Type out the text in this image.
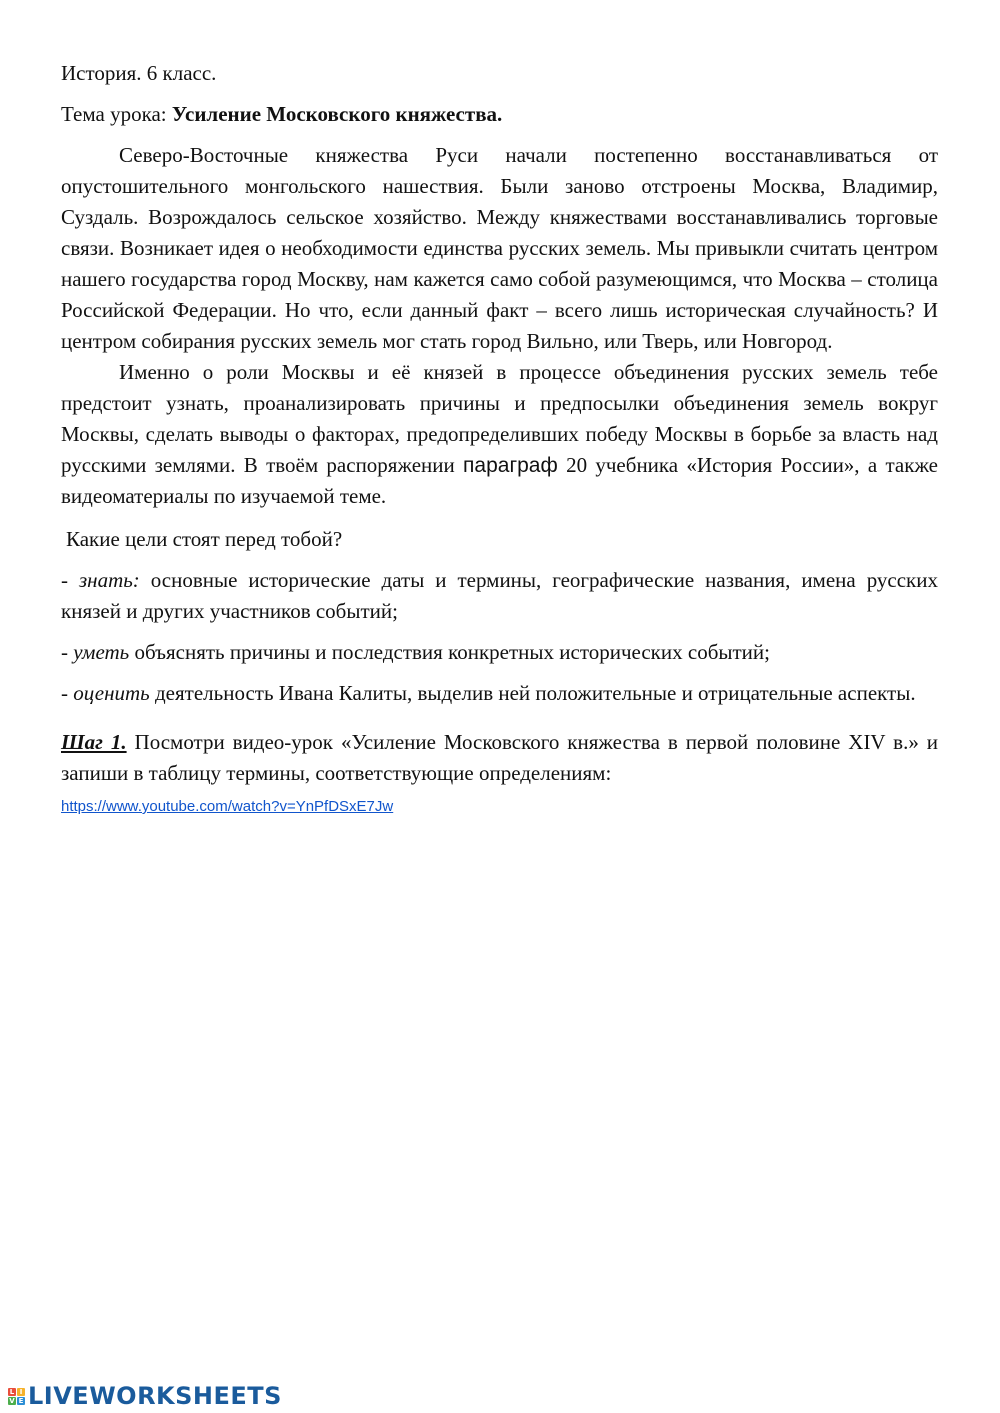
История. 6 класс.

Тема урока: Усиление Московского княжества.

Северо-Восточные княжества Руси начали постепенно восстанавливаться от опустошительного монгольского нашествия. Были заново отстроены Москва, Владимир, Суздаль. Возрождалось сельское хозяйство. Между княжествами восстанавливались торговые связи. Возникает идея о необходимости единства русских земель. Мы привыкли считать центром нашего государства город Москву, нам кажется само собой разумеющимся, что Москва – столица Российской Федерации. Но что, если данный факт – всего лишь историческая случайность? И центром собирания русских земель мог стать город Вильно, или Тверь, или Новгород.

Именно о роли Москвы и её князей в процессе объединения русских земель тебе предстоит узнать, проанализировать причины и предпосылки объединения земель вокруг Москвы, сделать выводы о факторах, предопределивших победу Москвы в борьбе за власть над русскими землями. В твоём распоряжении параграф 20 учебника «История России», а также видеоматериалы по изучаемой теме.

Какие цели стоят перед тобой?

- знать: основные исторические даты и термины, географические названия, имена русских князей и других участников событий;

- уметь объяснять причины и последствия конкретных исторических событий;

- оценить деятельность Ивана Калиты, выделив ней положительные и отрицательные аспекты.

Шаг 1. Посмотри видео-урок «Усиление Московского княжества в первой половине XIV в.» и запиши в таблицу термины, соответствующие определениям:

https://www.youtube.com/watch?v=YnPfDSxE7Jw
L I
V E LIVEWORKSHEETS
